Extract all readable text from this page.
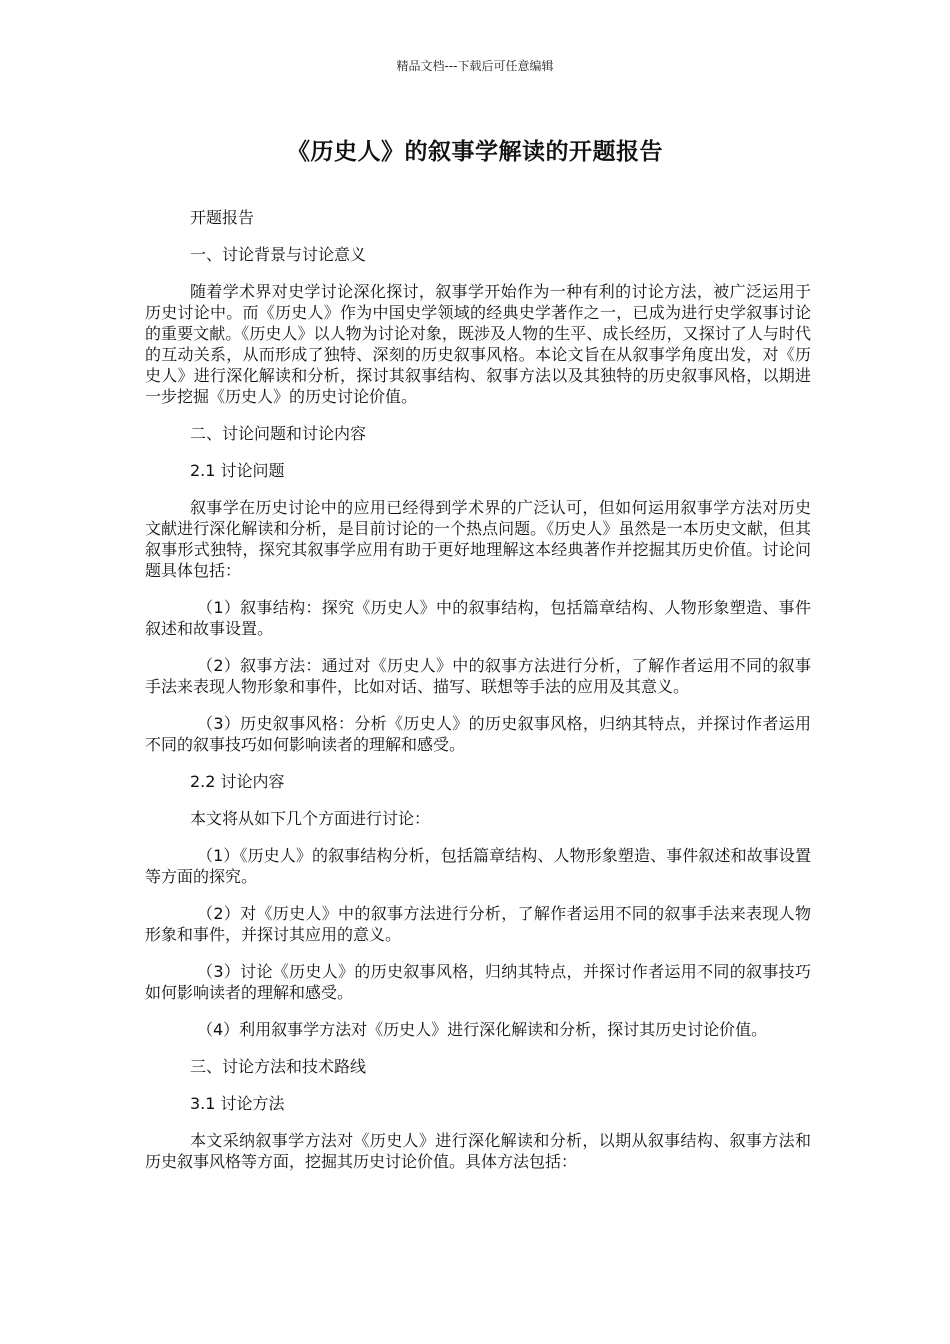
精品文档---下载后可任意编辑
《历史人》的叙事学解读的开题报告

开题报告

一、讨论背景与讨论意义

随着学术界对史学讨论深化探讨，叙事学开始作为一种有利的讨论方法，被广泛运用于历史讨论中。而《历史人》作为中国史学领域的经典史学著作之一，已成为进行史学叙事讨论的重要文献。《历史人》以人物为讨论对象，既涉及人物的生平、成长经历，又探讨了人与时代的互动关系，从而形成了独特、深刻的历史叙事风格。本论文旨在从叙事学角度出发，对《历史人》进行深化解读和分析，探讨其叙事结构、叙事方法以及其独特的历史叙事风格，以期进一步挖掘《历史人》的历史讨论价值。

二、讨论问题和讨论内容

2.1 讨论问题

叙事学在历史讨论中的应用已经得到学术界的广泛认可，但如何运用叙事学方法对历史文献进行深化解读和分析，是目前讨论的一个热点问题。《历史人》虽然是一本历史文献，但其叙事形式独特，探究其叙事学应用有助于更好地理解这本经典著作并挖掘其历史价值。讨论问题具体包括：

（1）叙事结构：探究《历史人》中的叙事结构，包括篇章结构、人物形象塑造、事件叙述和故事设置。

（2）叙事方法：通过对《历史人》中的叙事方法进行分析，了解作者运用不同的叙事手法来表现人物形象和事件，比如对话、描写、联想等手法的应用及其意义。

（3）历史叙事风格：分析《历史人》的历史叙事风格，归纳其特点，并探讨作者运用不同的叙事技巧如何影响读者的理解和感受。

2.2 讨论内容

本文将从如下几个方面进行讨论：

（1）《历史人》的叙事结构分析，包括篇章结构、人物形象塑造、事件叙述和故事设置等方面的探究。

（2）对《历史人》中的叙事方法进行分析，了解作者运用不同的叙事手法来表现人物形象和事件，并探讨其应用的意义。

（3）讨论《历史人》的历史叙事风格，归纳其特点，并探讨作者运用不同的叙事技巧如何影响读者的理解和感受。

（4）利用叙事学方法对《历史人》进行深化解读和分析，探讨其历史讨论价值。

三、讨论方法和技术路线

3.1 讨论方法

本文采纳叙事学方法对《历史人》进行深化解读和分析，以期从叙事结构、叙事方法和历史叙事风格等方面，挖掘其历史讨论价值。具体方法包括：
